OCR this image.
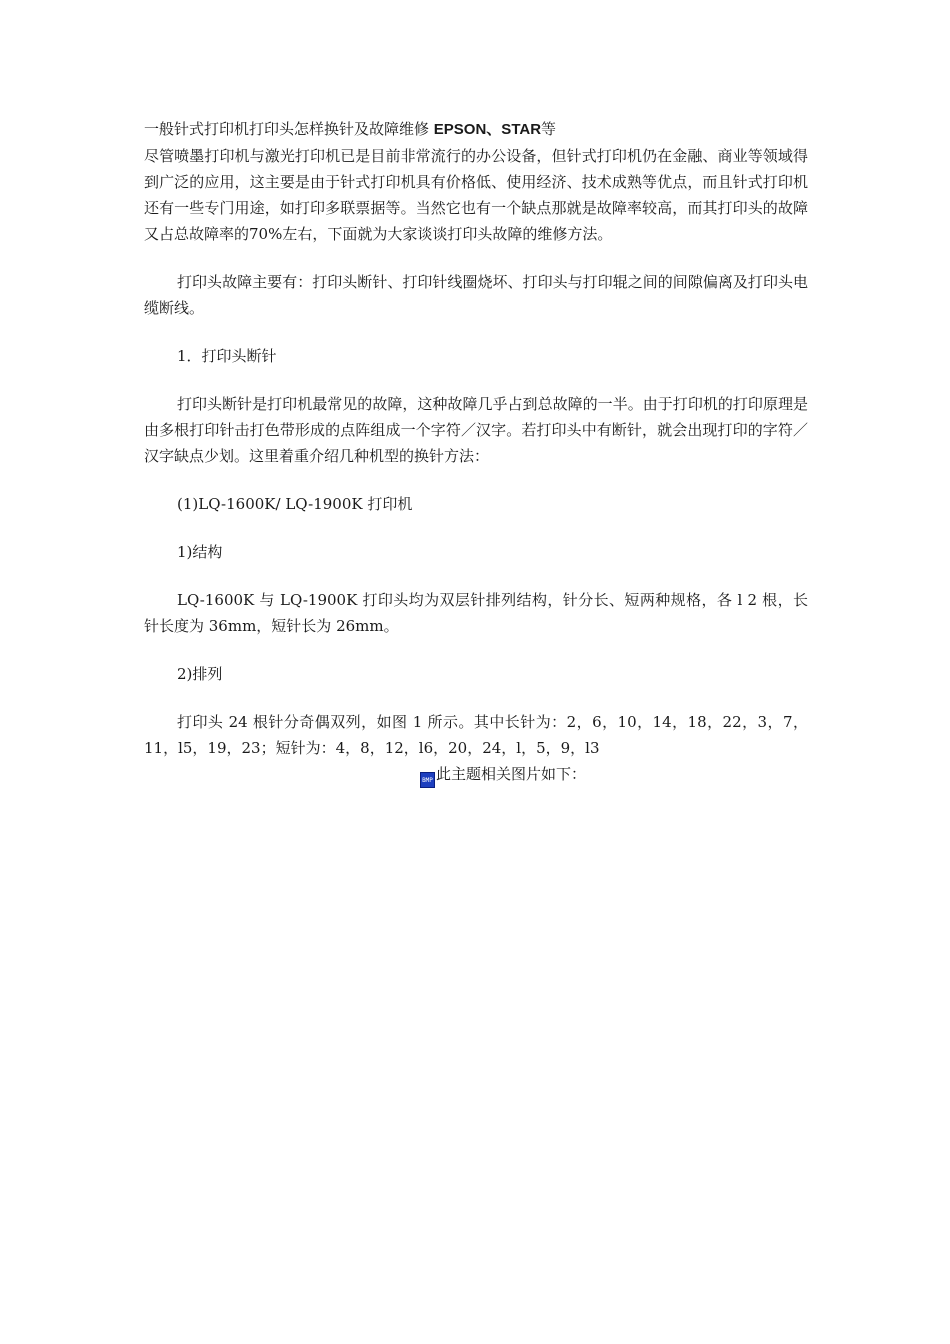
一般针式打印机打印头怎样换针及故障维修 EPSON、STAR等

尽管喷墨打印机与激光打印机已是目前非常流行的办公设备，但针式打印机仍在金融、商业等领域得到广泛的应用，这主要是由于针式打印机具有价格低、使用经济、技术成熟等优点，而且针式打印机还有一些专门用途，如打印多联票据等。当然它也有一个缺点那就是故障率较高，而其打印头的故障又占总故障率的70%左右，下面就为大家谈谈打印头故障的维修方法。

打印头故障主要有：打印头断针、打印针线圈烧坏、打印头与打印辊之间的间隙偏离及打印头电缆断线。

1．打印头断针

打印头断针是打印机最常见的故障，这种故障几乎占到总故障的一半。由于打印机的打印原理是由多根打印针击打色带形成的点阵组成一个字符／汉字。若打印头中有断针，就会出现打印的字符／汉字缺点少划。这里着重介绍几种机型的换针方法：

(1)LQ-1600K/ LQ-1900K 打印机

1)结构

LQ-1600K 与 LQ-1900K 打印头均为双层针排列结构，针分长、短两种规格，各 l 2 根，长针长度为 36mm，短针长为 26mm。

2)排列

打印头 24 根针分奇偶双列，如图 1 所示。其中长针为：2，6，10，14，18，22，3，7，11，l5，19，23；短针为：4，8，12，l6，20，24，l，5，9，l3

BMP 此主题相关图片如下：
